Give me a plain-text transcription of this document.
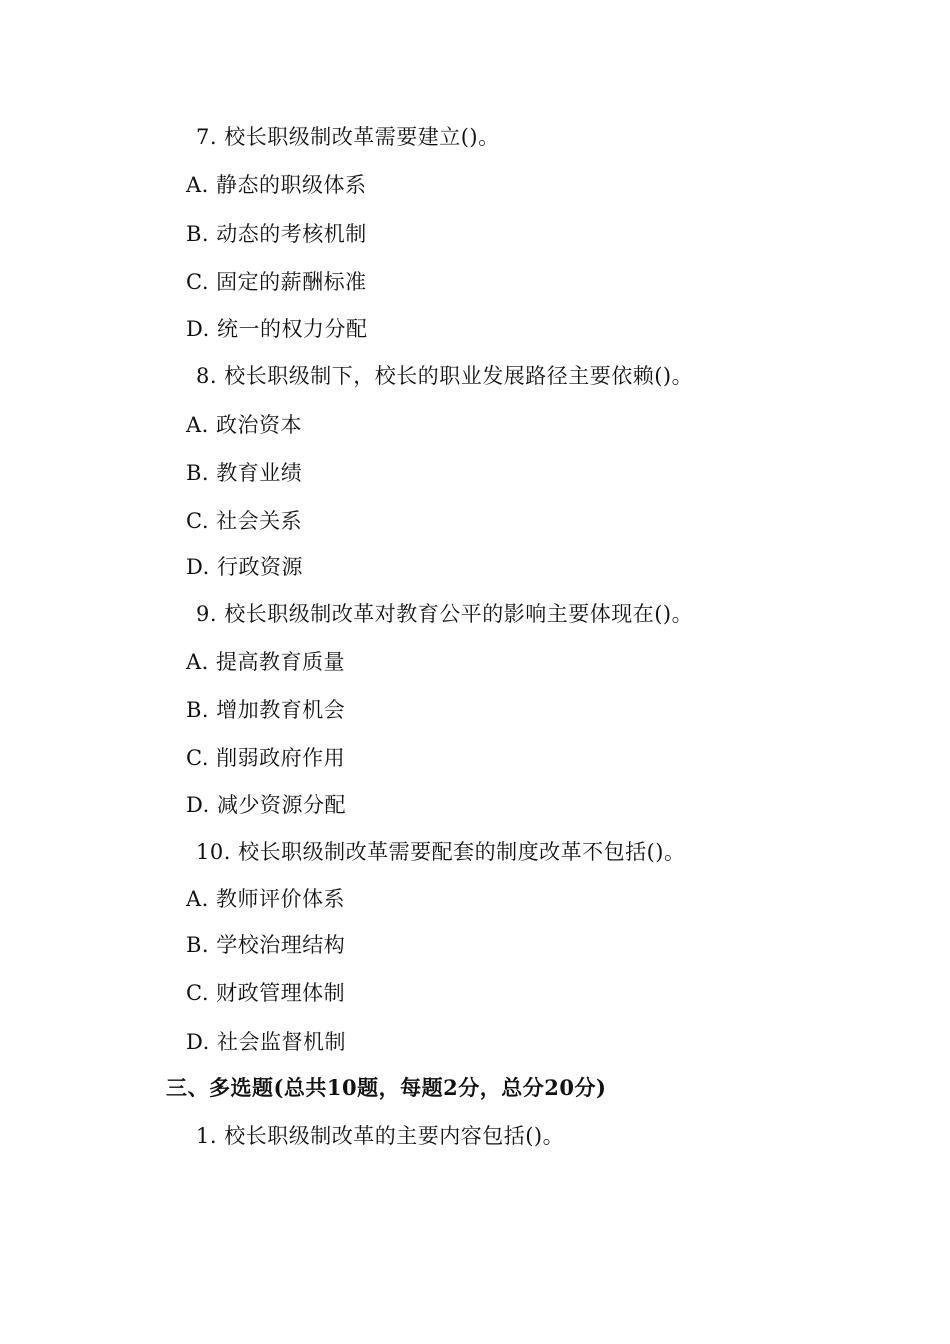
7. 校长职级制改革需要建立()。
A. 静态的职级体系
B. 动态的考核机制
C. 固定的薪酬标准
D. 统一的权力分配
8. 校长职级制下，校长的职业发展路径主要依赖()。
A. 政治资本
B. 教育业绩
C. 社会关系
D. 行政资源
9. 校长职级制改革对教育公平的影响主要体现在()。
A. 提高教育质量
B. 增加教育机会
C. 削弱政府作用
D. 减少资源分配
10. 校长职级制改革需要配套的制度改革不包括()。
A. 教师评价体系
B. 学校治理结构
C. 财政管理体制
D. 社会监督机制
三、多选题(总共10题，每题2分，总分20分)
1. 校长职级制改革的主要内容包括()。
